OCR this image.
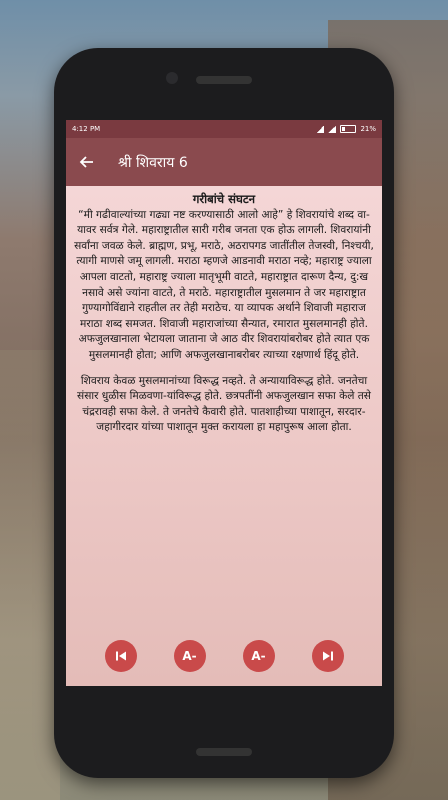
4:12 PM	21%
श्री शिवराय 6
गरीबांचे संघटन

“मी गढीवाल्यांच्या गढ्या नष्ट करण्यासाठी आलो आहे” हे शिवरायांचे शब्द वा-यावर सर्वत्र गेले. महाराष्ट्रातील सारी गरीब जनता एक होऊ लागली. शिवरायांनी सर्वांना जवळ केले. ब्राह्मण, प्रभू, मराठे, अठरापगड जातींतील तेजस्वी, निश्चयी, त्यागी माणसे जमू लागली. मराठा म्हणजे आडनावी मराठा नव्हे; महाराष्ट्र ज्याला आपला वाटतो, महाराष्ट्र ज्याला मातृभूमी वाटते, महाराष्ट्रात दारूण दैन्य, दु:ख नसावे असे ज्यांना वाटते, ते मराठे. महाराष्ट्रातील मुसलमान ते जर महाराष्ट्रात गुण्यागोविंद्याने राहतील तर तेही मराठेच. या व्यापक अर्थाने शिवाजी महाराज मराठा शब्द समजत. शिवाजी महाराजांच्या सैन्यात, रमारात मुसलमानही होते. अफजुलखानाला भेटायला जाताना जे आठ वीर शिवरायांबरोबर होते त्यात एक मुसलमानही होता; आणि अफजुलखानाबरोबर त्याच्या रक्षणार्थ हिंदू होते.

शिवराय केवळ मुसलमानांच्या विरूद्ध नव्हते. ते अन्यायाविरूद्ध होते. जनतेचा संसार धुळीस मिळवणा-यांविरूद्ध होते. छत्रपतींनी अफजुलखान सफा केले तसे चंद्ररावही सफा केले. ते जनतेचे कैवारी होते. पातशाहीच्या पाशातून, सरदार-जहागीरदार यांच्या पाशातून मुक्त करायला हा महापुरूष आला होता.

A-	A-
